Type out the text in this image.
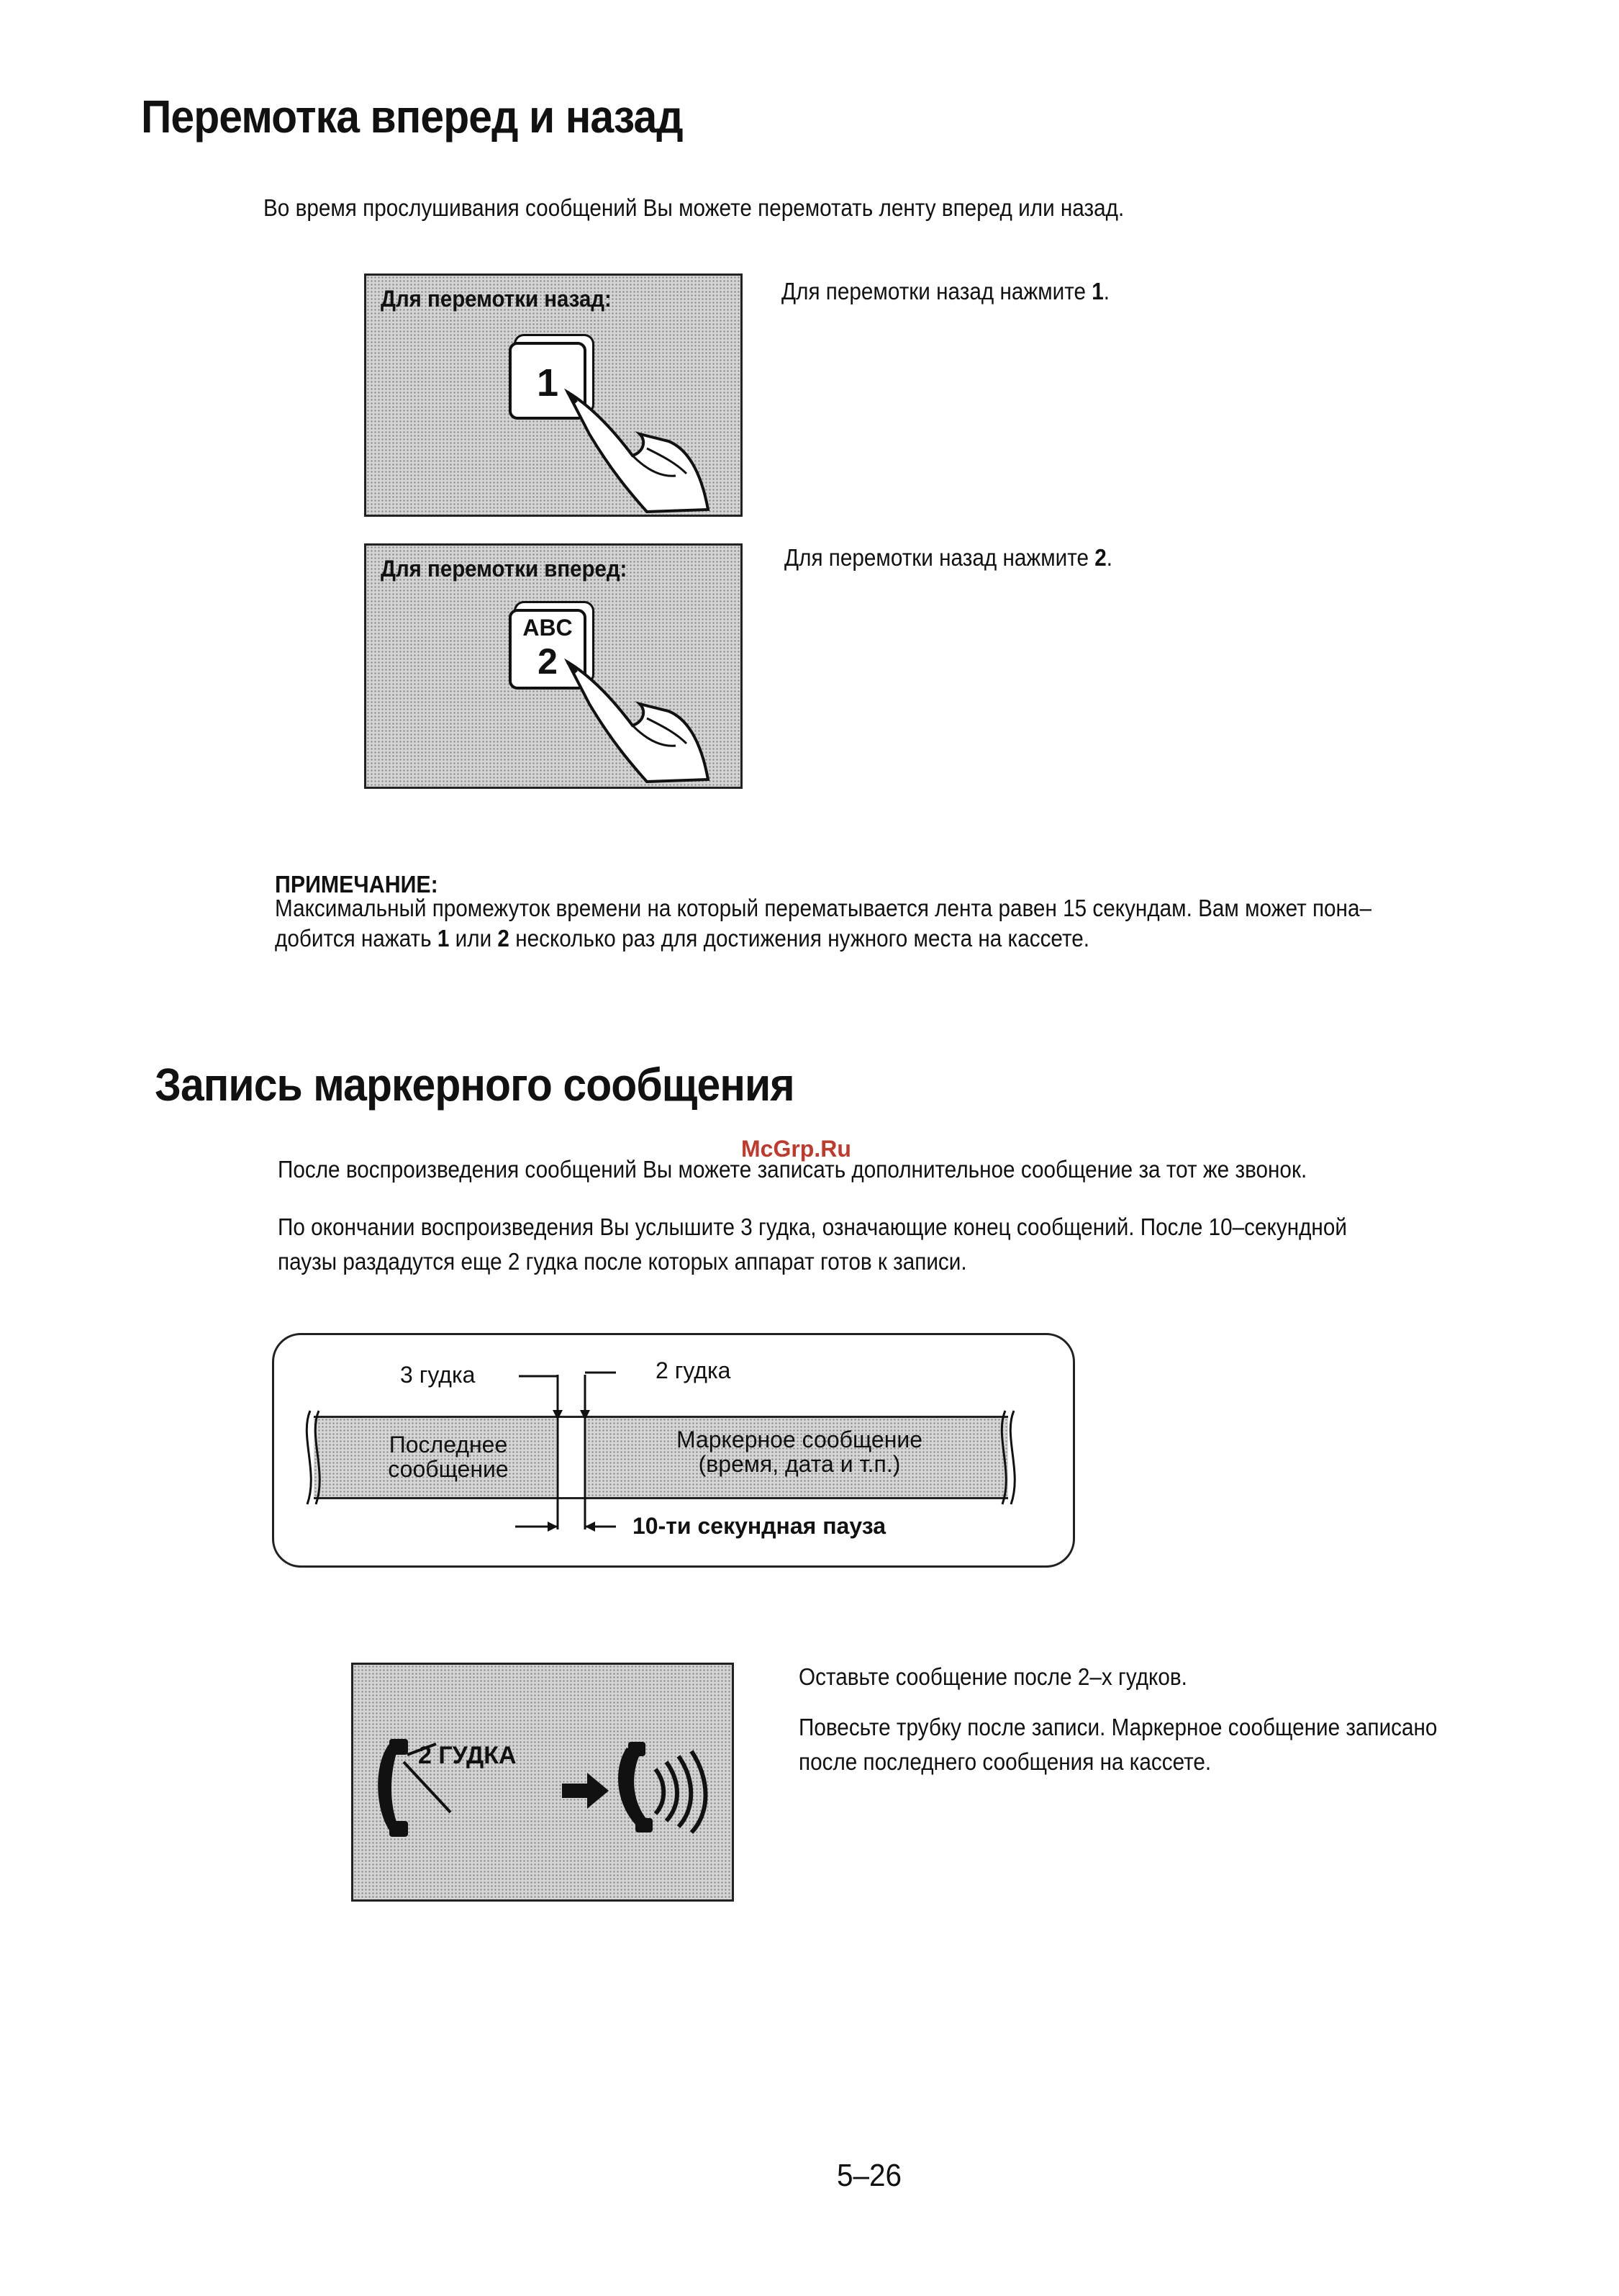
Перемотка вперед и назад
Во время прослушивания сообщений Вы можете перемотать ленту вперед или назад.
Для перемотки назад:
1
Для перемотки назад нажмите 1.
Для перемотки вперед:
ABC
2
Для перемотки назад нажмите 2.
ПРИМЕЧАНИЕ:
Максимальный промежуток времени на который перематывается лента равен 15 секундам. Вам может пона–
добится нажать 1 или 2 несколько раз для достижения нужного места на кассете.
Запись маркерного сообщения
McGrp.Ru
После воспроизведения сообщений Вы можете записать дополнительное сообщение за тот же звонок.
По окончании воспроизведения Вы услышите 3 гудка, означающие конец сообщений. После 10–секундной
паузы раздадутся еще 2 гудка после которых аппарат готов к записи.
3 гудка	2 гудка
Последнее
сообщение
Маркерное сообщение
(время, дата и т.п.)
10-ти секундная пауза
2 ГУДКА
Оставьте сообщение после 2–х гудков.
Повесьте трубку после записи. Маркерное сообщение записано
после последнего сообщения на кассете.
5–26
